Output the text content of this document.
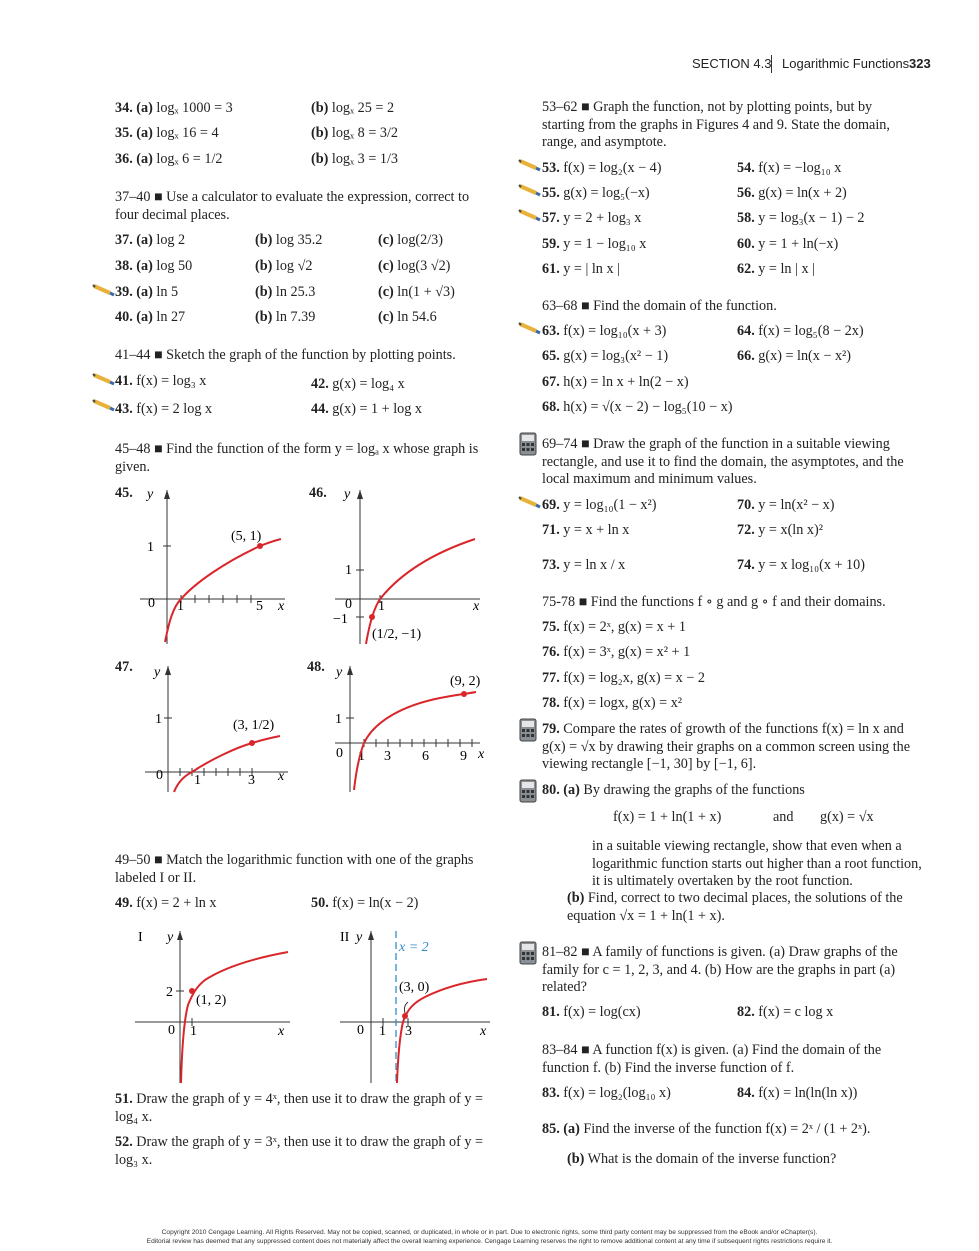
SECTION 4.3 Logarithmic Functions 323
34. (a) logₓ 1000 = 3	(b) logₓ 25 = 2
35. (a) logₓ 16 = 4	(b) logₓ 8 = 3/2
36. (a) logₓ 6 = 1/2	(b) logₓ 3 = 1/3
37–40 ■ Use a calculator to evaluate the expression, correct to four decimal places.
37. (a) log 2	(b) log 35.2	(c) log(2/3)
38. (a) log 50	(b) log √2	(c) log(3 √2)
39. (a) ln 5	(b) ln 25.3	(c) ln(1 + √3)
40. (a) ln 27	(b) ln 7.39	(c) ln 54.6
41–44 ■ Sketch the graph of the function by plotting points.
41. f(x) = log₃ x	42. g(x) = log₄ x
43. f(x) = 2 log x	44. g(x) = 1 + log x
45–48 ■ Find the function of the form y = logₐ x whose graph is given.
45.	46.
47.	48.
y
x
0
1
1	5
(5, 1)
y
x
1
0
−1
1
(1/2, −1)
y
x
1
0 1	3
(3, 1/2)
y
x
1
0 1 3 6 9
(9, 2)
49–50 ■ Match the logarithmic function with one of the graphs labeled I or II.
49. f(x) = 2 + ln x	50. f(x) = ln(x − 2)
I y
2
0 1	x
(1, 2)
II y
x = 2
0 1 3	x
(3, 0)
51. Draw the graph of y = 4ˣ, then use it to draw the graph of y = log₄ x.
52. Draw the graph of y = 3ˣ, then use it to draw the graph of y = log₃ x.
53–62 ■ Graph the function, not by plotting points, but by starting from the graphs in Figures 4 and 9. State the domain, range, and asymptote.
53. f(x) = log₂(x − 4)	54. f(x) = −log₁₀ x
55. g(x) = log₅(−x)	56. g(x) = ln(x + 2)
57. y = 2 + log₃ x	58. y = log₃(x − 1) − 2
59. y = 1 − log₁₀ x	60. y = 1 + ln(−x)
61. y = | ln x |	62. y = ln | x |
63–68 ■ Find the domain of the function.
63. f(x) = log₁₀(x + 3)	64. f(x) = log₅(8 − 2x)
65. g(x) = log₃(x² − 1)	66. g(x) = ln(x − x²)
67. h(x) = ln x + ln(2 − x)
68. h(x) = √(x − 2) − log₅(10 − x)
69–74 ■ Draw the graph of the function in a suitable viewing rectangle, and use it to find the domain, the asymptotes, and the local maximum and minimum values.
69. y = log₁₀(1 − x²)	70. y = ln(x² − x)
71. y = x + ln x	72. y = x(ln x)²
73. y = ln x / x	74. y = x log₁₀(x + 10)
75-78 ■ Find the functions f ∘ g and g ∘ f and their domains.
75. f(x) = 2ˣ, g(x) = x + 1
76. f(x) = 3ˣ, g(x) = x² + 1
77. f(x) = log₂x, g(x) = x − 2
78. f(x) = logx, g(x) = x²
79. Compare the rates of growth of the functions f(x) = ln x and g(x) = √x by drawing their graphs on a common screen using the viewing rectangle [−1, 30] by [−1, 6].
80. (a) By drawing the graphs of the functions
f(x) = 1 + ln(1 + x)	and g(x) = √x
in a suitable viewing rectangle, show that even when a logarithmic function starts out higher than a root function, it is ultimately overtaken by the root function.
(b) Find, correct to two decimal places, the solutions of the equation √x = 1 + ln(1 + x).
81–82 ■ A family of functions is given. (a) Draw graphs of the family for c = 1, 2, 3, and 4. (b) How are the graphs in part (a) related?
81. f(x) = log(cx)	82. f(x) = c log x
83–84 ■ A function f(x) is given. (a) Find the domain of the function f. (b) Find the inverse function of f.
83. f(x) = log₂(log₁₀ x)	84. f(x) = ln(ln(ln x))
85. (a) Find the inverse of the function f(x) = 2ˣ / (1 + 2ˣ).
(b) What is the domain of the inverse function?
Copyright 2010 Cengage Learning. All Rights Reserved. May not be copied, scanned, or duplicated, in whole or in part. Due to electronic rights, some third party content may be suppressed from the eBook and/or eChapter(s).
Editorial review has deemed that any suppressed content does not materially affect the overall learning experience. Cengage Learning reserves the right to remove additional content at any time if subsequent rights restrictions require it.
